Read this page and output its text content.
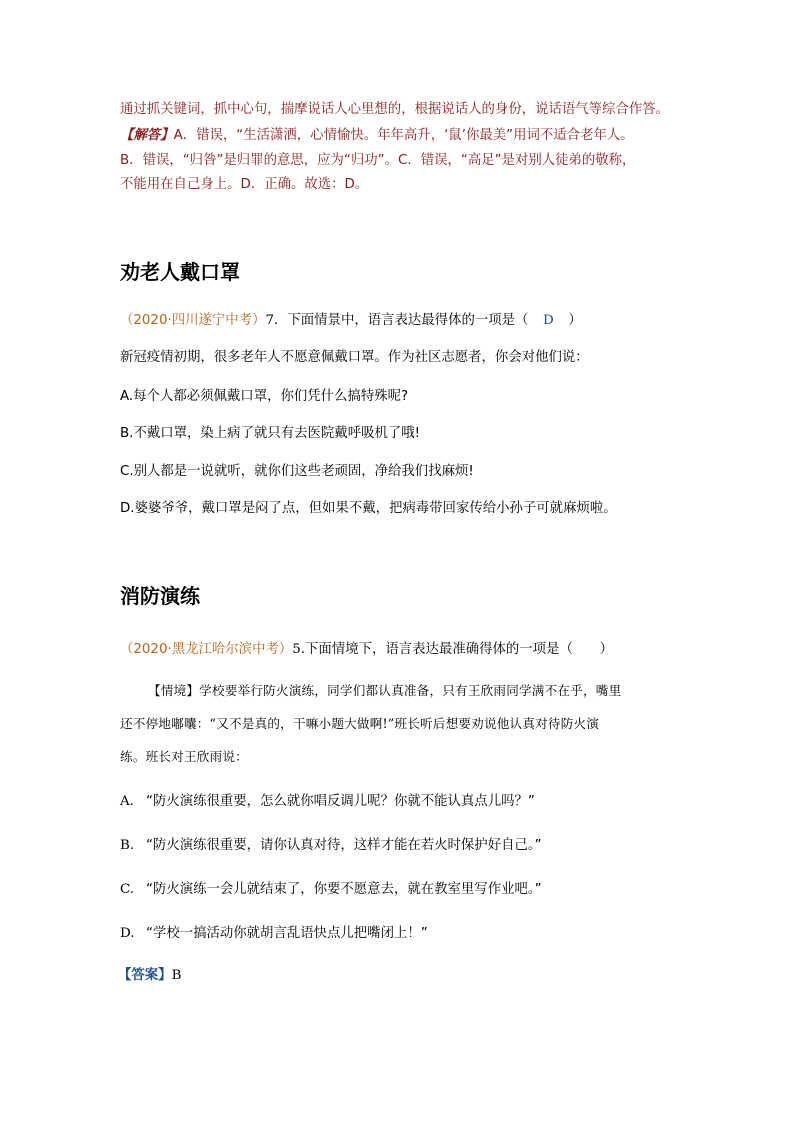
通过抓关键词，抓中心句，揣摩说话人心里想的，根据说话人的身份，说话语气等综合作答。
【解答】A．错误，“生活潇洒，心情愉快。年年高升，‘鼠’你最美”用词不适合老年人。
B．错误，“归咎”是归罪的意思，应为“归功”。C．错误，“高足”是对别人徒弟的敬称，
不能用在自己身上。D．正确。故选：D。
劝老人戴口罩
（2020·四川遂宁中考）7．下面情景中，语言表达最得体的一项是（ D ）
新冠疫情初期，很多老年人不愿意佩戴口罩。作为社区志愿者，你会对他们说：
A.每个人都必须佩戴口罩，你们凭什么搞特殊呢?
B.不戴口罩，染上病了就只有去医院戴呼吸机了哦!
C.别人都是一说就听，就你们这些老顽固，净给我们找麻烦!
D.婆婆爷爷，戴口罩是闷了点，但如果不戴，把病毒带回家传给小孙子可就麻烦啦。
消防演练
（2020·黑龙江哈尔滨中考）5.下面情境下，语言表达最准确得体的一项是（　　）
【情境】学校要举行防火演练，同学们都认真准备，只有王欣雨同学满不在乎，嘴里
还不停地嘟囔：“又不是真的，干嘛小题大做啊!”班长听后想要劝说他认真对待防火演
练。班长对王欣雨说：
A. “防火演练很重要，怎么就你唱反调儿呢？你就不能认真点儿吗？”
B. “防火演练很重要，请你认真对待，这样才能在若火时保护好自己。”
C. “防火演练一会儿就结束了，你要不愿意去，就在教室里写作业吧。”
D. “学校一搞活动你就胡言乱语快点儿把嘴闭上！”
【答案】B
